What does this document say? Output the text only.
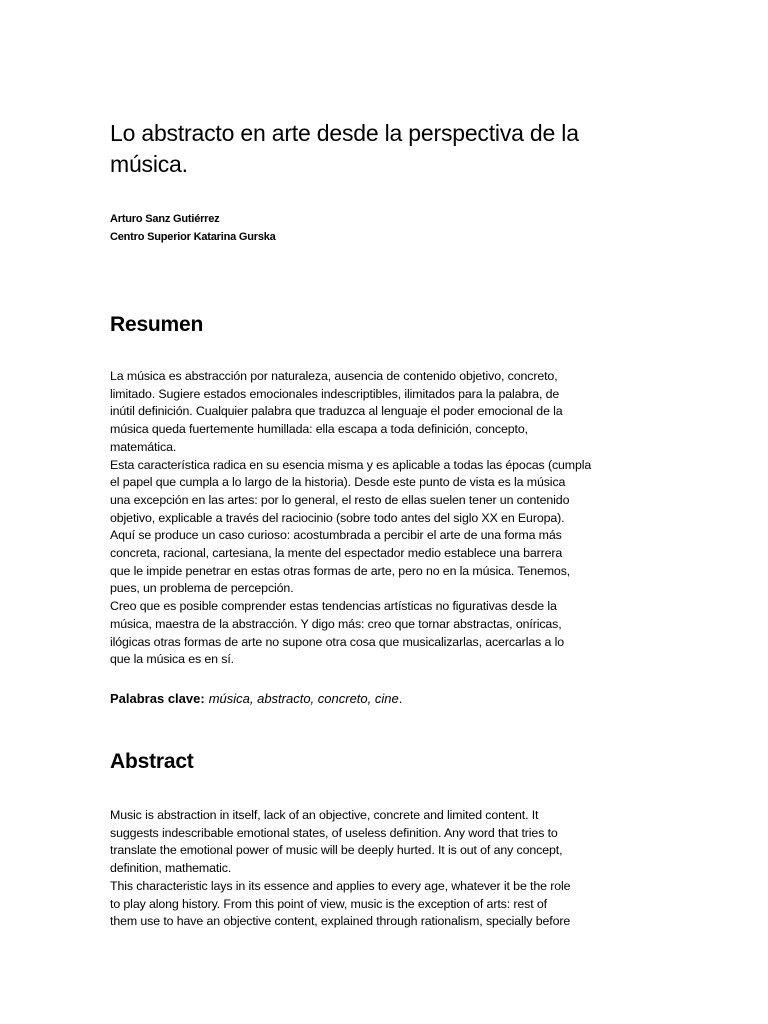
Lo abstracto en arte desde la perspectiva de la música.
Arturo Sanz Gutiérrez
Centro Superior Katarina Gurska
Resumen
La música es abstracción por naturaleza, ausencia de contenido objetivo, concreto,
limitado. Sugiere estados emocionales indescriptibles, ilimitados para la palabra, de
inútil definición. Cualquier palabra que traduzca al lenguaje el poder emocional de la
música queda fuertemente humillada: ella escapa a toda definición, concepto,
matemática.
Esta característica radica en su esencia misma y es aplicable a todas las épocas (cumpla
el papel que cumpla a lo largo de la historia). Desde este punto de vista es la música
una excepción en las artes: por lo general, el resto de ellas suelen tener un contenido
objetivo, explicable a través del raciocinio (sobre todo antes del siglo XX en Europa).
Aquí se produce un caso curioso: acostumbrada a percibir el arte de una forma más
concreta, racional, cartesiana, la mente del espectador medio establece una barrera
que le impide penetrar en estas otras formas de arte, pero no en la música. Tenemos,
pues, un problema de percepción.
Creo que es posible comprender estas tendencias artísticas no figurativas desde la
música, maestra de la abstracción. Y digo más: creo que tornar abstractas, oníricas,
ilógicas otras formas de arte no supone otra cosa que musicalizarlas, acercarlas a lo
que la música es en sí.
Palabras clave: música, abstracto, concreto, cine.
Abstract
Music is abstraction in itself, lack of an objective, concrete and limited content. It
suggests indescribable emotional states, of useless definition. Any word that tries to
translate the emotional power of music will be deeply hurted. It is out of any concept,
definition, mathematic.
This characteristic lays in its essence and applies to every age, whatever it be the role
to play along history. From this point of view, music is the exception of arts: rest of
them use to have an objective content, explained through rationalism, specially before
